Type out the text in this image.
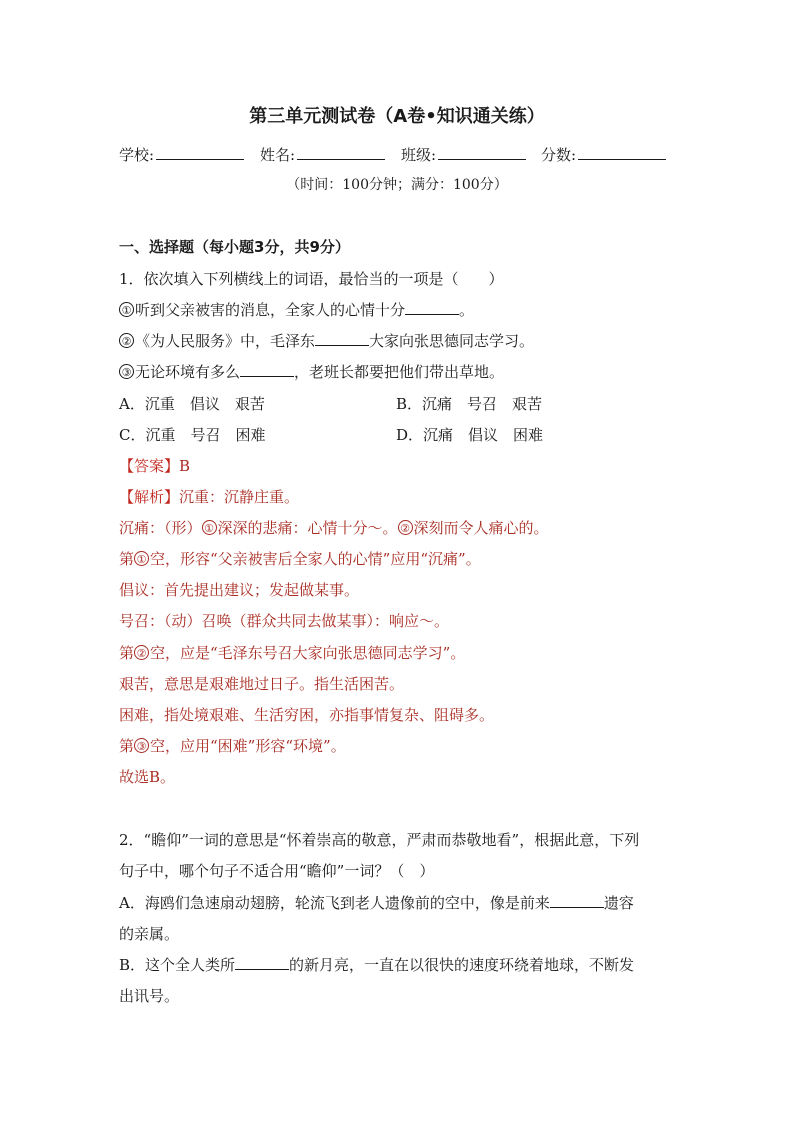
第三单元测试卷（A卷•知识通关练）
学校:	姓名:	班级:	分数:
（时间：100分钟；满分：100分）
一、选择题（每小题3分，共9分）
1．依次填入下列横线上的词语，最恰当的一项是（　　）
① 听到父亲被害的消息，全家人的心情十分	。
② 《为人民服务》中，毛泽东	大家向张思德同志学习。
③ 无论环境有多么	，老班长都要把他们带出草地。
A．沉重　倡议　艰苦	B．沉痛　号召　艰苦
C．沉重　号召　困难	D．沉痛　倡议　困难
【答案】B
【解析】沉重：沉静庄重。
沉痛：（形） ① 深深的悲痛：心情十分～。 ② 深刻而令人痛心的。
第 ① 空，形容“父亲被害后全家人的心情”应用“沉痛”。
倡议：首先提出建议；发起做某事。
号召：（动）召唤（群众共同去做某事）：响应～。
第 ② 空，应是“毛泽东号召大家向张思德同志学习”。
艰苦，意思是艰难地过日子。指生活困苦。
困难，指处境艰难、生活穷困，亦指事情复杂、阻碍多。
第 ③ 空，应用“困难”形容“环境”。
故选B。
2．“瞻仰”一词的意思是“怀着崇高的敬意，严肃而恭敬地看”，根据此意，下列
句子中，哪个句子不适合用“瞻仰”一词？（　）
A．海鸥们急速扇动翅膀，轮流飞到老人遗像前的空中，像是前来	遗容
的亲属。
B．这个全人类所	的新月亮，一直在以很快的速度环绕着地球，不断发
出讯号。
